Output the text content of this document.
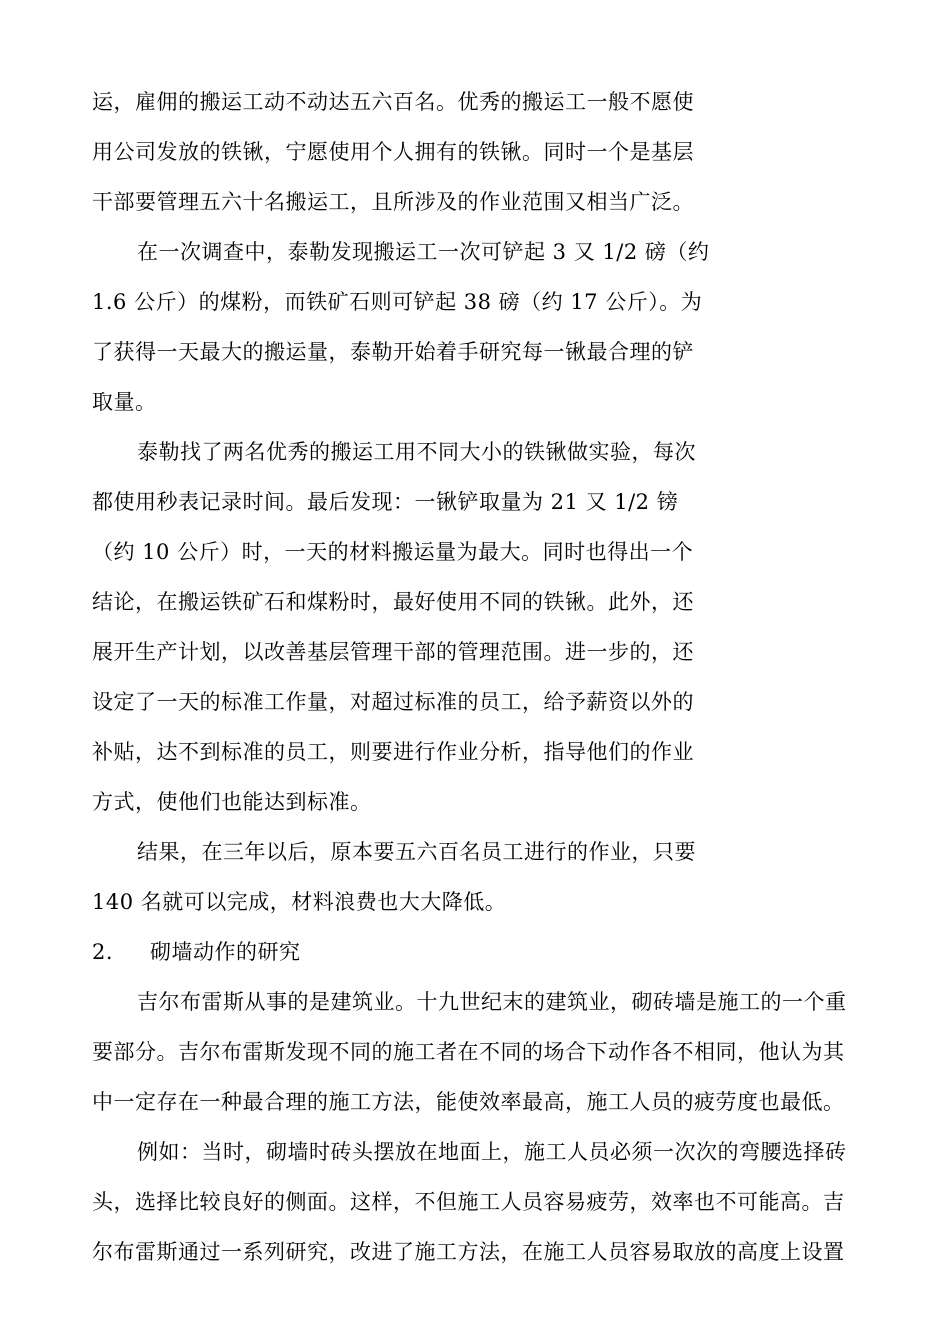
运，雇佣的搬运工动不动达五六百名。优秀的搬运工一般不愿使
用公司发放的铁锹，宁愿使用个人拥有的铁锹。同时一个是基层
干部要管理五六十名搬运工，且所涉及的作业范围又相当广泛。
在一次调查中，泰勒发现搬运工一次可铲起 3 又 1/2 磅（约
1.6 公斤）的煤粉，而铁矿石则可铲起 38 磅（约 17 公斤）。为
了获得一天最大的搬运量，泰勒开始着手研究每一锹最合理的铲
取量。
泰勒找了两名优秀的搬运工用不同大小的铁锹做实验，每次
都使用秒表记录时间。最后发现：一锹铲取量为 21 又 1/2 镑
（约 10 公斤）时，一天的材料搬运量为最大。同时也得出一个
结论，在搬运铁矿石和煤粉时，最好使用不同的铁锹。此外，还
展开生产计划，以改善基层管理干部的管理范围。进一步的，还
设定了一天的标准工作量，对超过标准的员工，给予薪资以外的
补贴，达不到标准的员工，则要进行作业分析，指导他们的作业
方式，使他们也能达到标准。
结果，在三年以后，原本要五六百名员工进行的作业，只要
140 名就可以完成，材料浪费也大大降低。
2. 砌墙动作的研究
吉尔布雷斯从事的是建筑业。十九世纪末的建筑业，砌砖墙是施工的一个重
要部分。吉尔布雷斯发现不同的施工者在不同的场合下动作各不相同，他认为其
中一定存在一种最合理的施工方法，能使效率最高，施工人员的疲劳度也最低。
例如：当时，砌墙时砖头摆放在地面上，施工人员必须一次次的弯腰选择砖
头，选择比较良好的侧面。这样，不但施工人员容易疲劳，效率也不可能高。吉
尔布雷斯通过一系列研究，改进了施工方法，在施工人员容易取放的高度上设置
